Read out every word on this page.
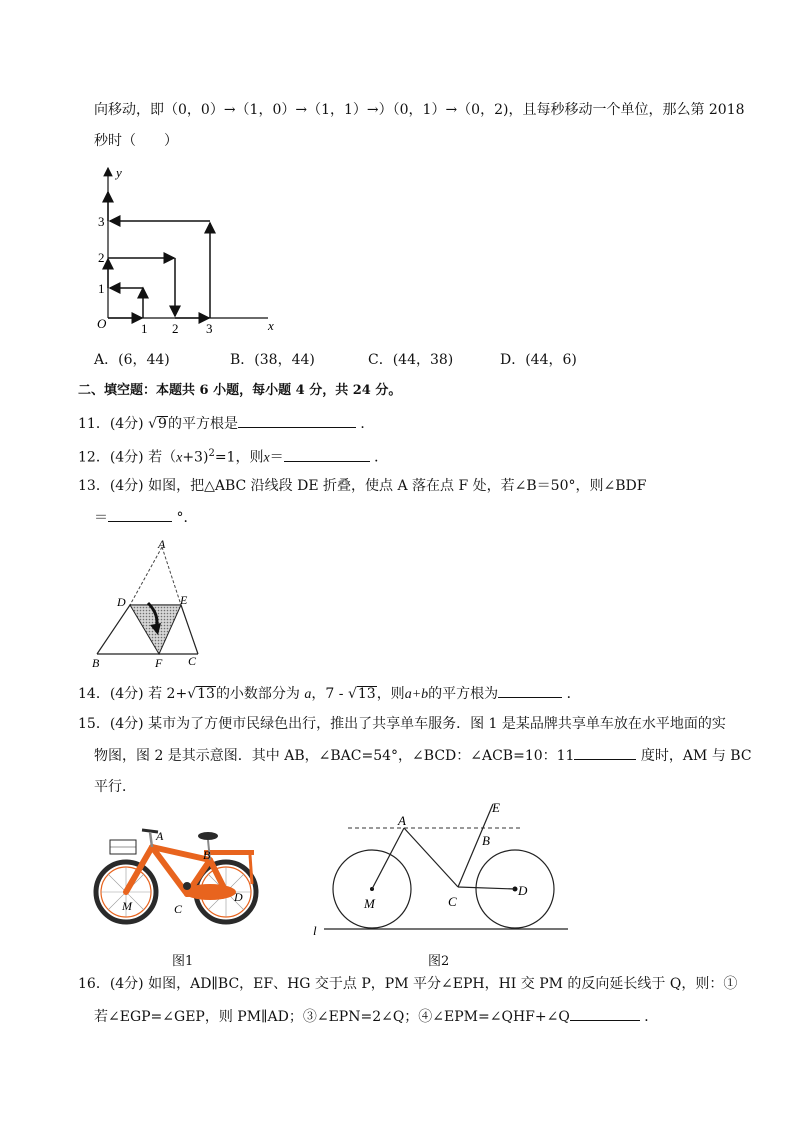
向移动，即（0，0）→（1，0）→（1，1）→）（0，1）→（0，2)，且每秒移动一个单位，那么第 2018
秒时（　　）
y
x
O	1 2 3
1
2
3
A．(6，44)	B．(38，44)	C．(44，38)	D．(44，6)
二、填空题：本题共 6 小题，每小题 4 分，共 24 分。
11．(4分) √9的平方根是	．
12．(4分) 若（x+3)$^2$=1，则x＝	．
13．(4分) 如图，把△ABC 沿线段 DE 折叠，使点 A 落在点 F 处，若∠B＝50°，则∠BDF
＝	°．
A
D	E
B	F C
14．(4分) 若 2+√13的小数部分为 a，7 - √13，则a+b的平方根为	．
15．(4分) 某市为了方便市民绿色出行，推出了共享单车服务．图 1 是某品牌共享单车放在水平地面的实
物图，图 2 是其示意图．其中 AB，∠BAC=54°，∠BCD：∠ACB=10：11	度时，AM 与 BC
平行．
A
B
C
D
M
图1
A
E
B
C
D
M
l
图2
16．(4分) 如图，AD∥BC，EF、HG 交于点 P，PM 平分∠EPH，HI 交 PM 的反向延长线于 Q，则：①
若∠EGP=∠GEP，则 PM∥AD；③∠EPN=2∠Q；④∠EPM=∠QHF+∠Q	．
